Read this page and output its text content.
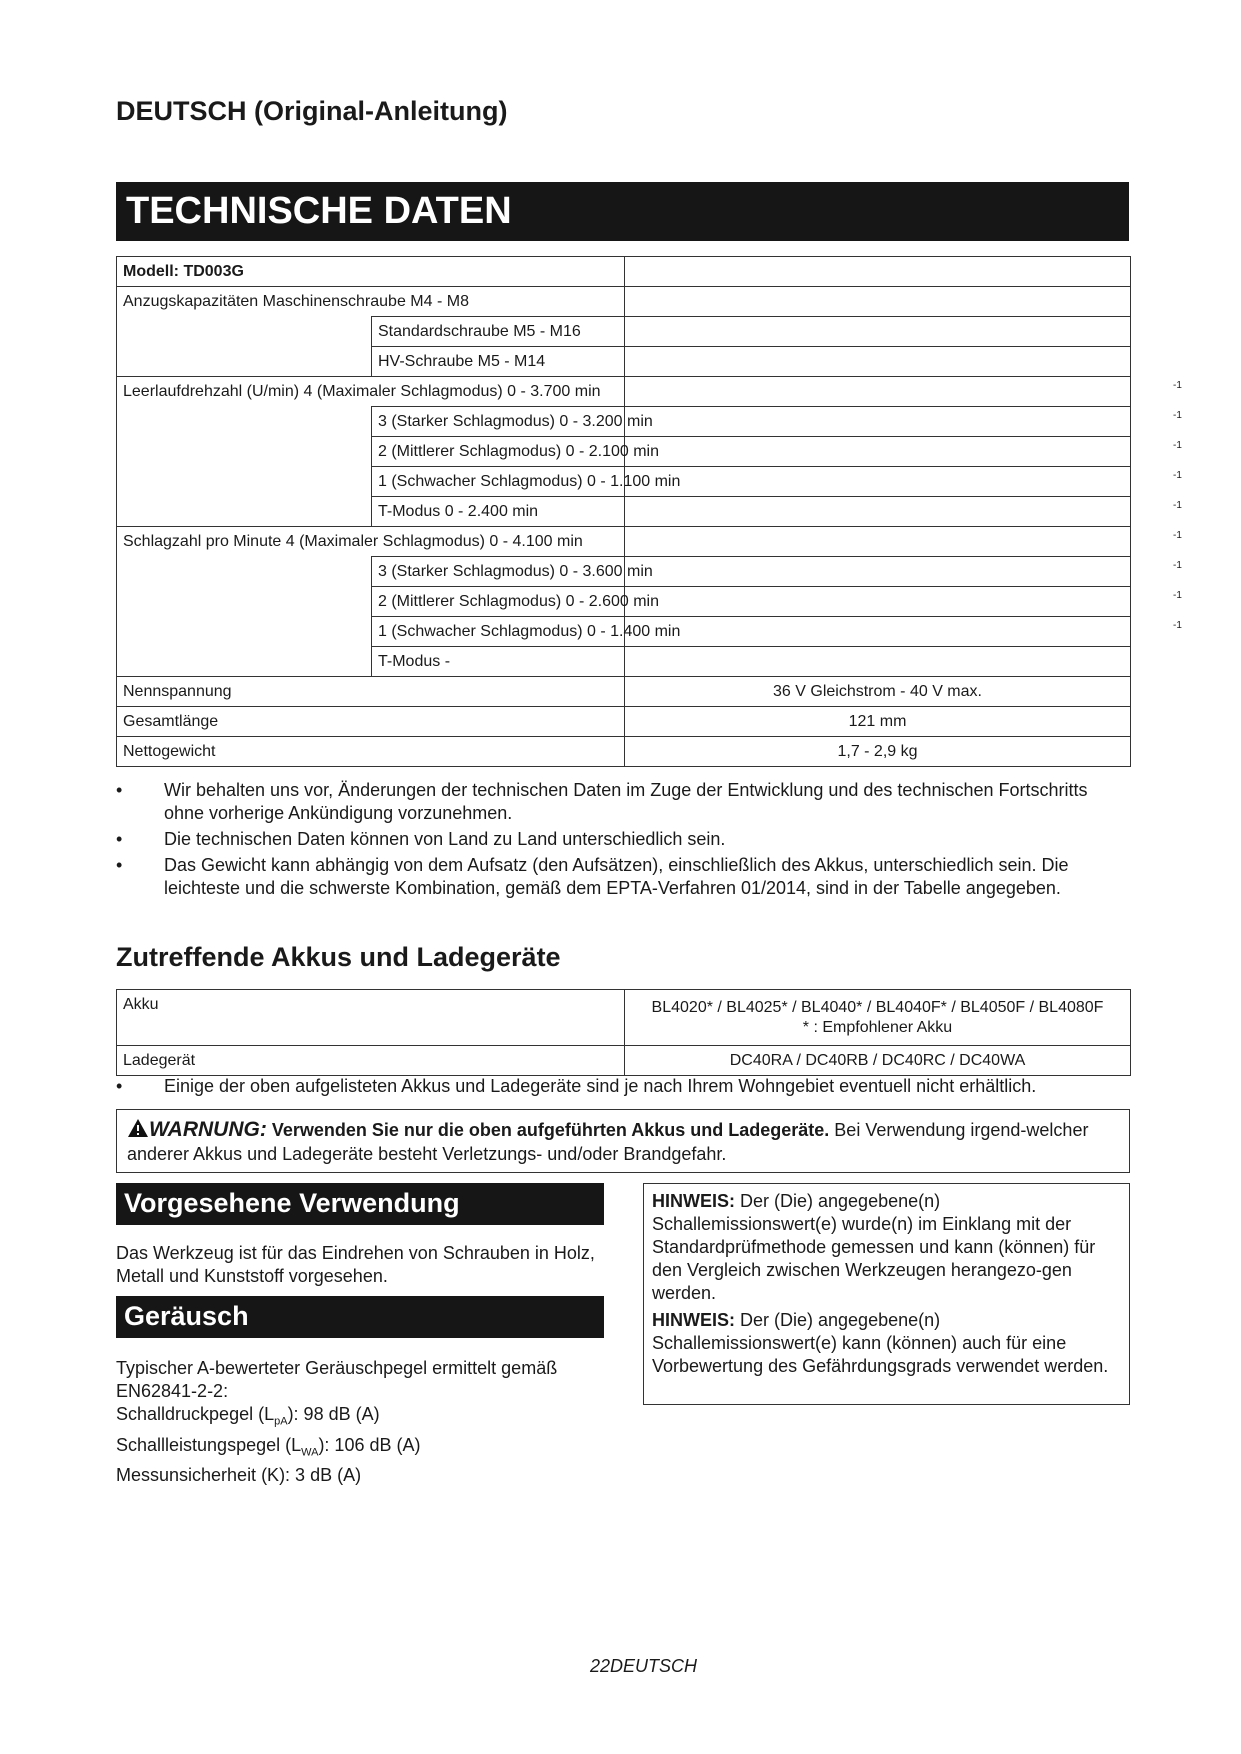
DEUTSCH (Original-Anleitung)
TECHNISCHE DATEN
Modell: TD003G		
Anzugskapazitäten Maschinenschraube M4 - M8		
	Standardschraube M5 - M16	
	HV-Schraube M5 - M14	
Leerlaufdrehzahl (U/min) 4 (Maximaler Schlagmodus) 0 - 3.700 min		$^{-1}$
	3 (Starker Schlagmodus) 0 - 3.200 min	$^{-1}$
	2 (Mittlerer Schlagmodus) 0 - 2.100 min	$^{-1}$
	1 (Schwacher Schlagmodus) 0 - 1.100 min	$^{-1}$
	T-Modus 0 - 2.400 min	$^{-1}$
Schlagzahl pro Minute 4 (Maximaler Schlagmodus) 0 - 4.100 min		$^{-1}$
	3 (Starker Schlagmodus) 0 - 3.600 min	$^{-1}$
	2 (Mittlerer Schlagmodus) 0 - 2.600 min	$^{-1}$
	1 (Schwacher Schlagmodus) 0 - 1.400 min	$^{-1}$
	T-Modus -	
Nennspannung		36 V Gleichstrom - 40 V max.
Gesamtlänge		121 mm
Nettogewicht		1,7 - 2,9 kg
• Wir behalten uns vor, Änderungen der technischen Daten im Zuge der Entwicklung und des technischen Fortschritts ohne vorherige Ankündigung vorzunehmen.
• Die technischen Daten können von Land zu Land unterschiedlich sein.
• Das Gewicht kann abhängig von dem Aufsatz (den Aufsätzen), einschließlich des Akkus, unterschiedlich sein. Die leichteste und die schwerste Kombination, gemäß dem EPTA-Verfahren 01/2014, sind in der Tabelle angegeben.
Zutreffende Akkus und Ladegeräte
Akku	BL4020* / BL4025* / BL4040* / BL4040F* / BL4050F / BL4080F
* : Empfohlener Akku

Ladegerät	DC40RA / DC40RB / DC40RC / DC40WA
• Einige der oben aufgelisteten Akkus und Ladegeräte sind je nach Ihrem Wohngebiet eventuell nicht erhältlich.
WARNUNG: Verwenden Sie nur die oben aufgeführten Akkus und Ladegeräte. Bei Verwendung irgend-welcher anderer Akkus und Ladegeräte besteht Verletzungs- und/oder Brandgefahr.
Vorgesehene Verwendung
Das Werkzeug ist für das Eindrehen von Schrauben in Holz, Metall und Kunststoff vorgesehen.
Geräusch
Typischer A-bewerteter Geräuschpegel ermittelt gemäß EN62841-2-2:
Schalldruckpegel $(L_{pA})$: 98 dB (A)
Schallleistungspegel $(L_{WA})$: 106 dB (A)
Messunsicherheit (K): 3 dB (A)
HINWEIS: Der (Die) angegebene(n) Schallemissionswert(e) wurde(n) im Einklang mit der Standardprüfmethode gemessen und kann (können) für den Vergleich zwischen Werkzeugen herangezo-gen werden.
HINWEIS: Der (Die) angegebene(n) Schallemissionswert(e) kann (können) auch für eine Vorbewertung des Gefährdungsgrads verwendet werden.
22DEUTSCH
